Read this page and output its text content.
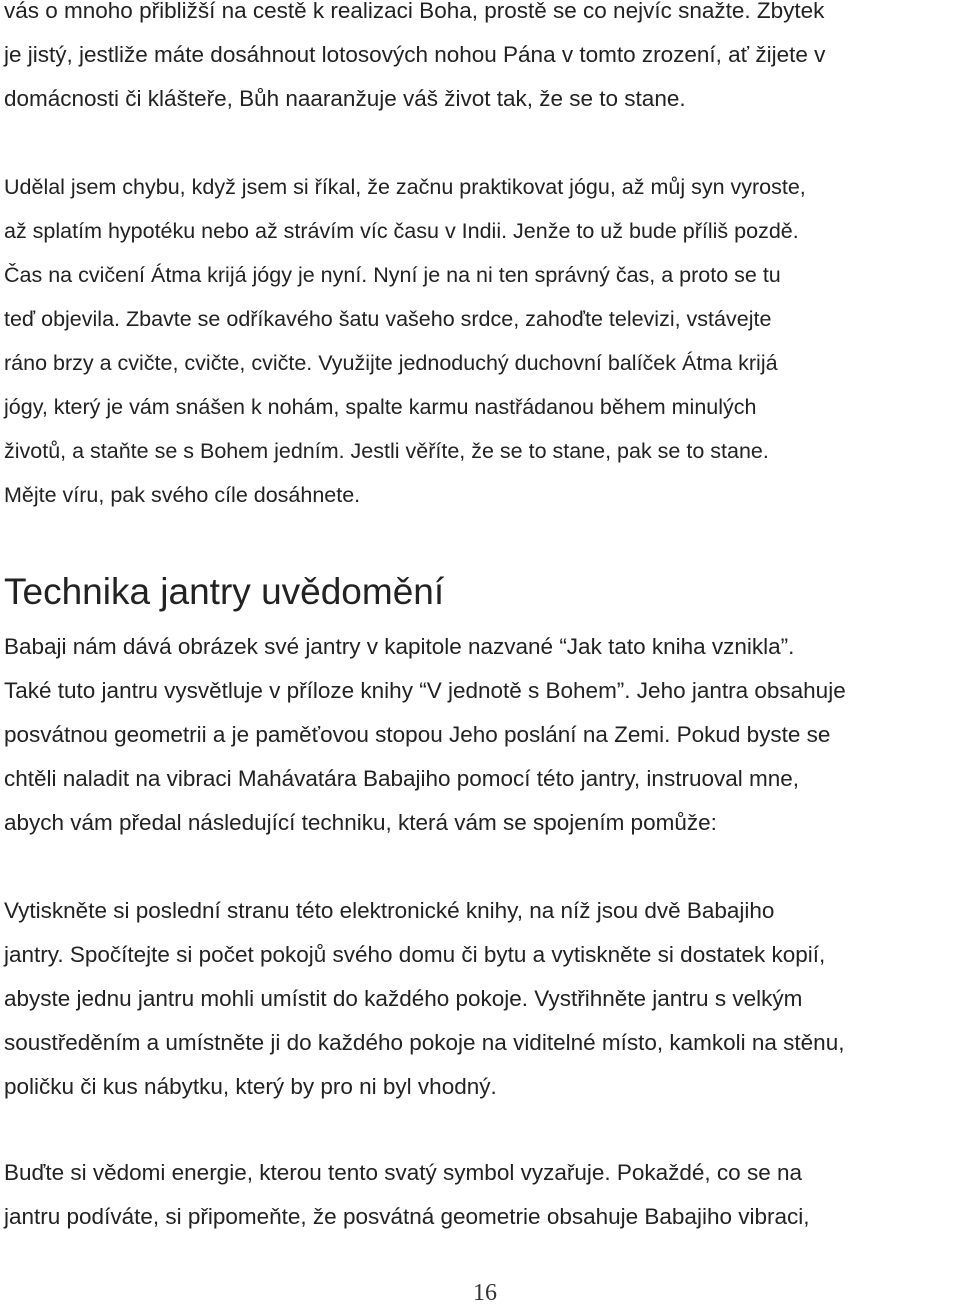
vás o mnoho přibližší na cestě k realizaci Boha, prostě se co nejvíc snažte. Zbytek
je jistý, jestliže máte dosáhnout lotosových nohou Pána v tomto zrození, ať žijete v
domácnosti či klášteře, Bůh naaranžuje váš život tak, že se to stane.

Udělal jsem chybu, když jsem si říkal, že začnu praktikovat jógu, až můj syn vyroste,
až splatím hypotéku nebo až strávím víc času v Indii. Jenže to už bude příliš pozdě.
Čas na cvičení Átma krijá jógy je nyní. Nyní je na ni ten správný čas, a proto se tu
teď objevila. Zbavte se odříkavého šatu vašeho srdce, zahoďte televizi, vstávejte
ráno brzy a cvičte, cvičte, cvičte. Využijte jednoduchý duchovní balíček Átma krijá
jógy, který je vám snášen k nohám, spalte karmu nastřádanou během minulých
životů, a staňte se s Bohem jedním. Jestli věříte, že se to stane, pak se to stane.
Mějte víru, pak svého cíle dosáhnete.

Technika jantry uvědomění

Babaji nám dává obrázek své jantry v kapitole nazvané “Jak tato kniha vznikla”.
Také tuto jantru vysvětluje v příloze knihy “V jednotě s Bohem”. Jeho jantra obsahuje
posvátnou geometrii a je paměťovou stopou Jeho poslání na Zemi. Pokud byste se
chtěli naladit na vibraci Mahávatára Babajiho pomocí této jantry, instruoval mne,
abych vám předal následující techniku, která vám se spojením pomůže:

Vytiskněte si poslední stranu této elektronické knihy, na níž jsou dvě Babajiho
jantry. Spočítejte si počet pokojů svého domu či bytu a vytiskněte si dostatek kopií,
abyste jednu jantru mohli umístit do každého pokoje. Vystřihněte jantru s velkým
soustředěním a umístněte ji do každého pokoje na viditelné místo, kamkoli na stěnu,
poličku či kus nábytku, který by pro ni byl vhodný.

Buďte si vědomi energie, kterou tento svatý symbol vyzařuje. Pokaždé, co se na
jantru podíváte, si připomeňte, že posvátná geometrie obsahuje Babajiho vibraci,

16
